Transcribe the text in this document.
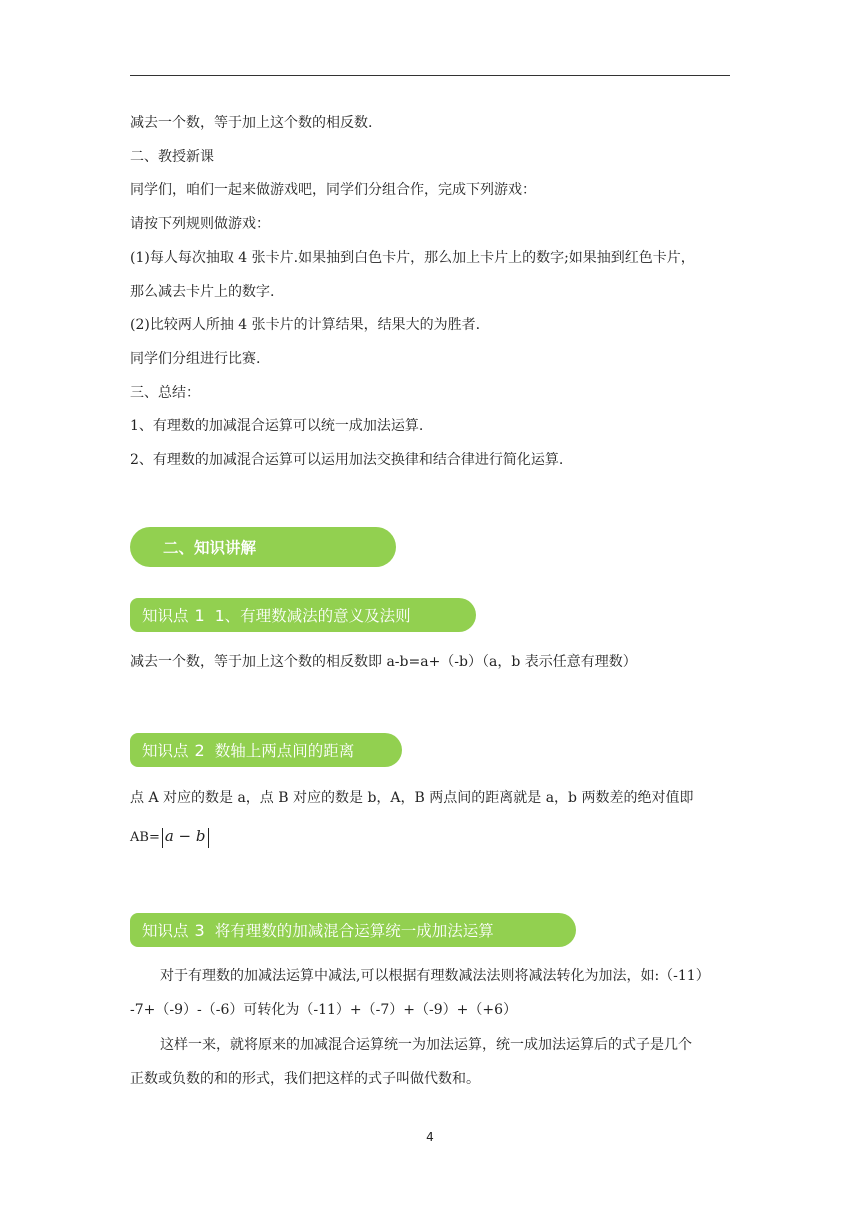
减去一个数，等于加上这个数的相反数.
二、教授新课
同学们，咱们一起来做游戏吧，同学们分组合作，完成下列游戏：
请按下列规则做游戏：
(1)每人每次抽取 4 张卡片.如果抽到白色卡片，那么加上卡片上的数字;如果抽到红色卡片，
那么减去卡片上的数字.
(2)比较两人所抽 4 张卡片的计算结果，结果大的为胜者.
同学们分组进行比赛.
三、总结：
1、有理数的加减混合运算可以统一成加法运算.
2、有理数的加减混合运算可以运用加法交换律和结合律进行简化运算.
二、知识讲解
知识点 1 1、有理数减法的意义及法则
减去一个数，等于加上这个数的相反数即 a-b=a+（-b）（a，b 表示任意有理数）
知识点 2 数轴上两点间的距离
点 A 对应的数是 a，点 B 对应的数是 b，A，B 两点间的距离就是 a，b 两数差的绝对值即
AB= a − b
知识点 3 将有理数的加减混合运算统一成加法运算
对于有理数的加减法运算中减法,可以根据有理数减法法则将减法转化为加法，如:（-11）
-7+（-9）-（-6）可转化为（-11）+（-7）+（-9）+（+6）
这样一来，就将原来的加减混合运算统一为加法运算，统一成加法运算后的式子是几个
正数或负数的和的形式，我们把这样的式子叫做代数和。
4
